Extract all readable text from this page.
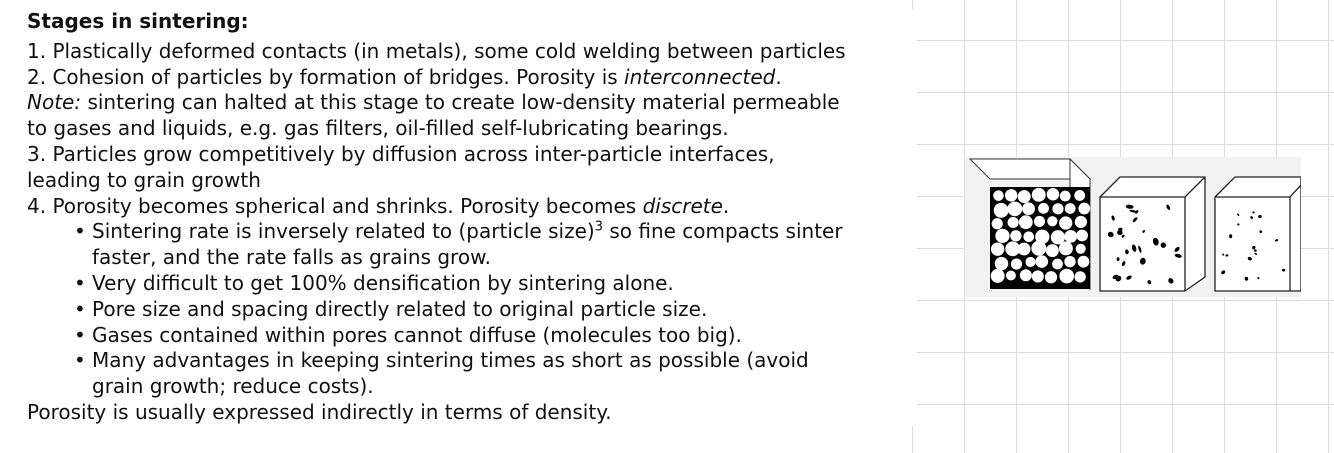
Stages in sintering:
1. Plastically deformed contacts (in metals), some cold welding between particles
2. Cohesion of particles by formation of bridges. Porosity is interconnected.
Note: sintering can halted at this stage to create low-density material permeable
to gases and liquids, e.g. gas filters, oil-filled self-lubricating bearings.
3. Particles grow competitively by diffusion across inter-particle interfaces,
leading to grain growth
4. Porosity becomes spherical and shrinks. Porosity becomes discrete.
• Sintering rate is inversely related to (particle size)$^3$ so fine compacts sinter
faster, and the rate falls as grains grow.
• Very difficult to get 100% densification by sintering alone.
• Pore size and spacing directly related to original particle size.
• Gases contained within pores cannot diffuse (molecules too big).
• Many advantages in keeping sintering times as short as possible (avoid
grain growth; reduce costs).
Porosity is usually expressed indirectly in terms of density.
